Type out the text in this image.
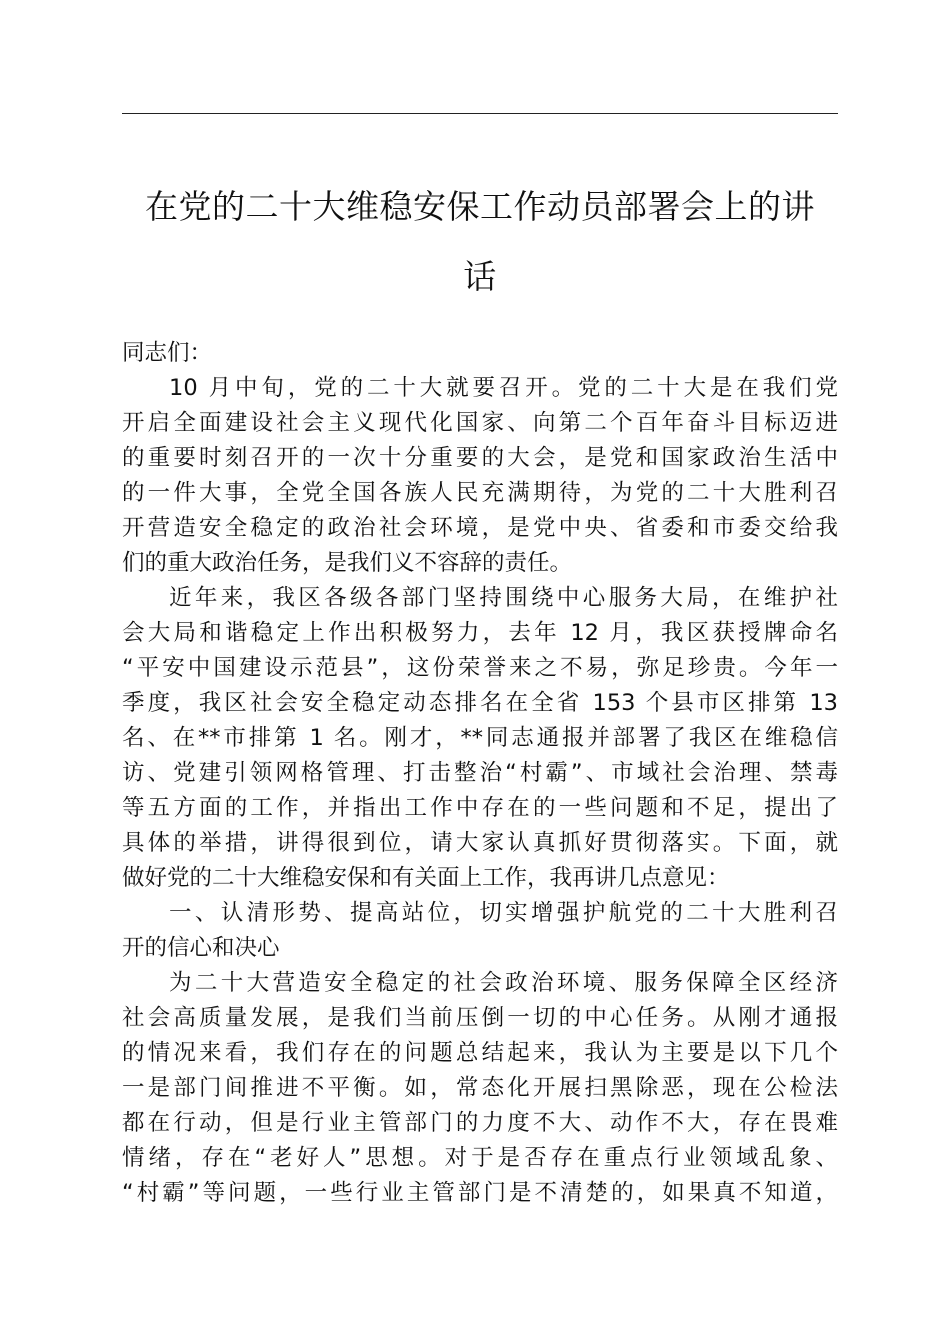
在党的二十大维稳安保工作动员部署会上的讲
话
同志们：
10 月中旬，党的二十大就要召开。党的二十大是在我们党
开启全面建设社会主义现代化国家、向第二个百年奋斗目标迈进
的重要时刻召开的一次十分重要的大会，是党和国家政治生活中
的一件大事，全党全国各族人民充满期待，为党的二十大胜利召
开营造安全稳定的政治社会环境，是党中央、省委和市委交给我
们的重大政治任务，是我们义不容辞的责任。
近年来，我区各级各部门坚持围绕中心服务大局，在维护社
会大局和谐稳定上作出积极努力，去年 12 月，我区获授牌命名
“平安中国建设示范县”，这份荣誉来之不易，弥足珍贵。今年一
季度，我区社会安全稳定动态排名在全省 153 个县市区排第 13
名、在**市排第 1 名。刚才，**同志通报并部署了我区在维稳信
访、党建引领网格管理、打击整治“村霸”、市域社会治理、禁毒
等五方面的工作，并指出工作中存在的一些问题和不足，提出了
具体的举措，讲得很到位，请大家认真抓好贯彻落实。下面，就
做好党的二十大维稳安保和有关面上工作，我再讲几点意见：
一、认清形势、提高站位，切实增强护航党的二十大胜利召
开的信心和决心
为二十大营造安全稳定的社会政治环境、服务保障全区经济
社会高质量发展，是我们当前压倒一切的中心任务。从刚才通报
的情况来看，我们存在的问题总结起来，我认为主要是以下几个
一是部门间推进不平衡。如，常态化开展扫黑除恶，现在公检法
都在行动，但是行业主管部门的力度不大、动作不大，存在畏难
情绪，存在“老好人”思想。对于是否存在重点行业领域乱象、
“村霸”等问题，一些行业主管部门是不清楚的，如果真不知道，
